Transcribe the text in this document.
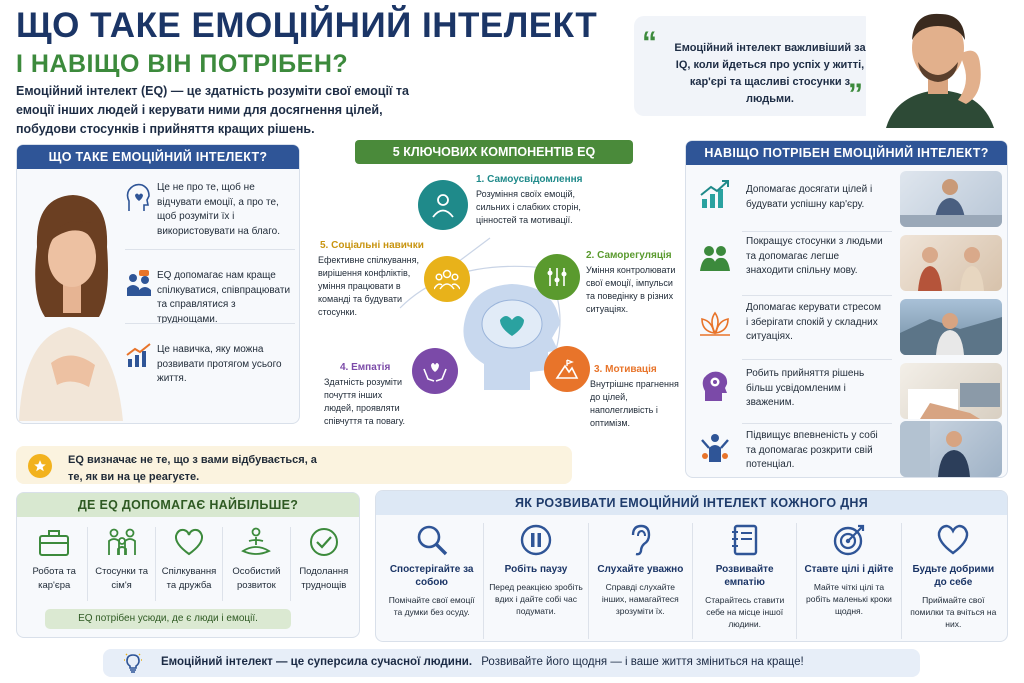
ЩО ТАКЕ ЕМОЦІЙНИЙ ІНТЕЛЕКТ
І НАВІЩО ВІН ПОТРІБЕН?
Емоційний інтелект (EQ) — це здатність розуміти свої емоції та емоції інших людей і керувати ними для досягнення цілей, побудови стосунків і прийняття кращих рішень.
“	Емоційний інтелект важливіший за IQ, коли йдеться про успіх у житті, кар'єрі та щасливі стосунки з людьми.	”
ЩО ТАКЕ ЕМОЦІЙНИЙ ІНТЕЛЕКТ?
Це не про те, щоб не відчувати емоції, а про те, щоб розуміти їх і використовувати на благо.
EQ допомагає нам краще спілкуватися, співпрацювати та справлятися з труднощами.
Це навичка, яку можна розвивати протягом усього життя.
5 КЛЮЧОВИХ КОМПОНЕНТІВ EQ
1. Самоусвідомлення
Розуміння своїх емоцій, сильних і слабких сторін, цінностей та мотивації.
2. Саморегуляція
Уміння контролювати свої емоції, імпульси та поведінку в різних ситуаціях.
3. Мотивація
Внутрішнє прагнення до цілей, наполегливість і оптимізм.
4. Емпатія
Здатність розуміти почуття інших людей, проявляти співчуття та повагу.
5. Соціальні навички
Ефективне спілкування, вирішення конфліктів, уміння працювати в команді та будувати стосунки.
НАВІЩО ПОТРІБЕН ЕМОЦІЙНИЙ ІНТЕЛЕКТ?
Допомагає досягати цілей і будувати успішну кар'єру.
Покращує стосунки з людьми та допомагає легше знаходити спільну мову.
Допомагає керувати стресом і зберігати спокій у складних ситуаціях.
Робить прийняття рішень більш усвідомленим і зваженим.
Підвищує впевненість у собі та допомагає розкрити свій потенціал.
EQ визначає не те, що з вами відбувається, а те, як ви на це реагуєте.
ДЕ EQ ДОПОМАГАЄ НАЙБІЛЬШЕ?
Робота та кар'єра
Стосунки та сім'я
Спілкування та дружба
Особистий розвиток
Подолання труднощів
EQ потрібен усюди, де є люди і емоції.
ЯК РОЗВИВАТИ ЕМОЦІЙНИЙ ІНТЕЛЕКТ КОЖНОГО ДНЯ
Спостерігайте за собою
Помічайте свої емоції та думки без осуду.
Робіть паузу
Перед реакцією зробіть вдих і дайте собі час подумати.
Слухайте уважно
Справді слухайте інших, намагайтеся зрозуміти їх.
Розвивайте емпатію
Старайтесь ставити себе на місце іншої людини.
Ставте цілі і дійте
Майте чіткі цілі та робіть маленькі кроки щодня.
Будьте добрими до себе
Приймайте свої помилки та вчіться на них.
Емоційний інтелект — це суперсила сучасної людини. Розвивайте його щодня — і ваше життя зміниться на краще!
